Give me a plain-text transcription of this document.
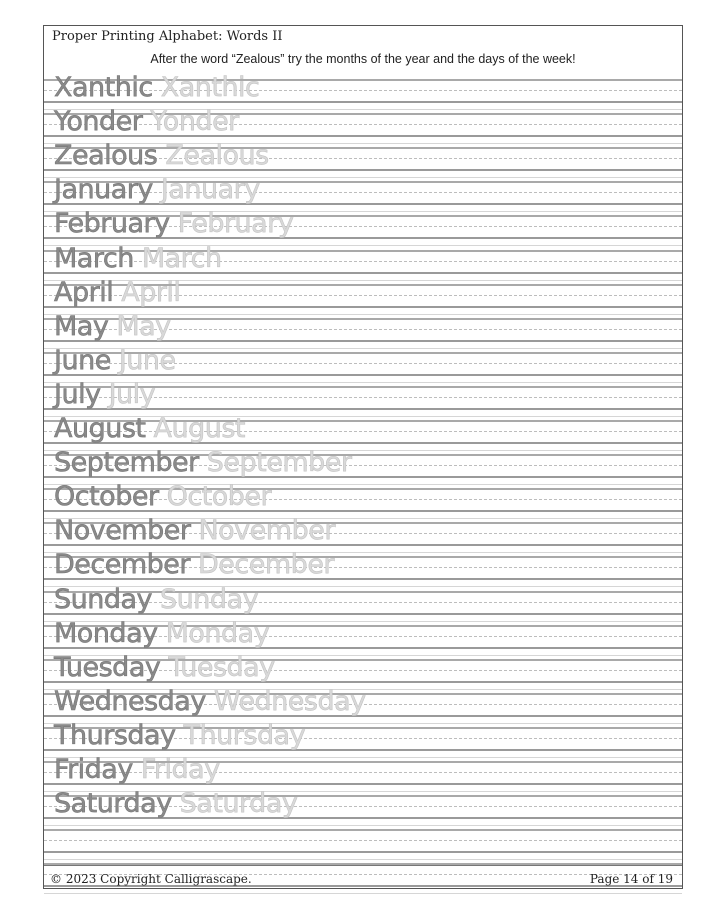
Proper Printing Alphabet: Words II
After the word “Zealous” try the months of the year and the days of the week!
Xanthic Xanthic
Yonder Yonder
Zealous Zealous
January January
February February
March March
April April
May May
June June
July July
August August
September September
October October
November November
December December
Sunday Sunday
Monday Monday
Tuesday Tuesday
Wednesday Wednesday
Thursday Thursday
Friday Friday
Saturday Saturday
© 2023 Copyright Calligrascape.	Page 14 of 19
